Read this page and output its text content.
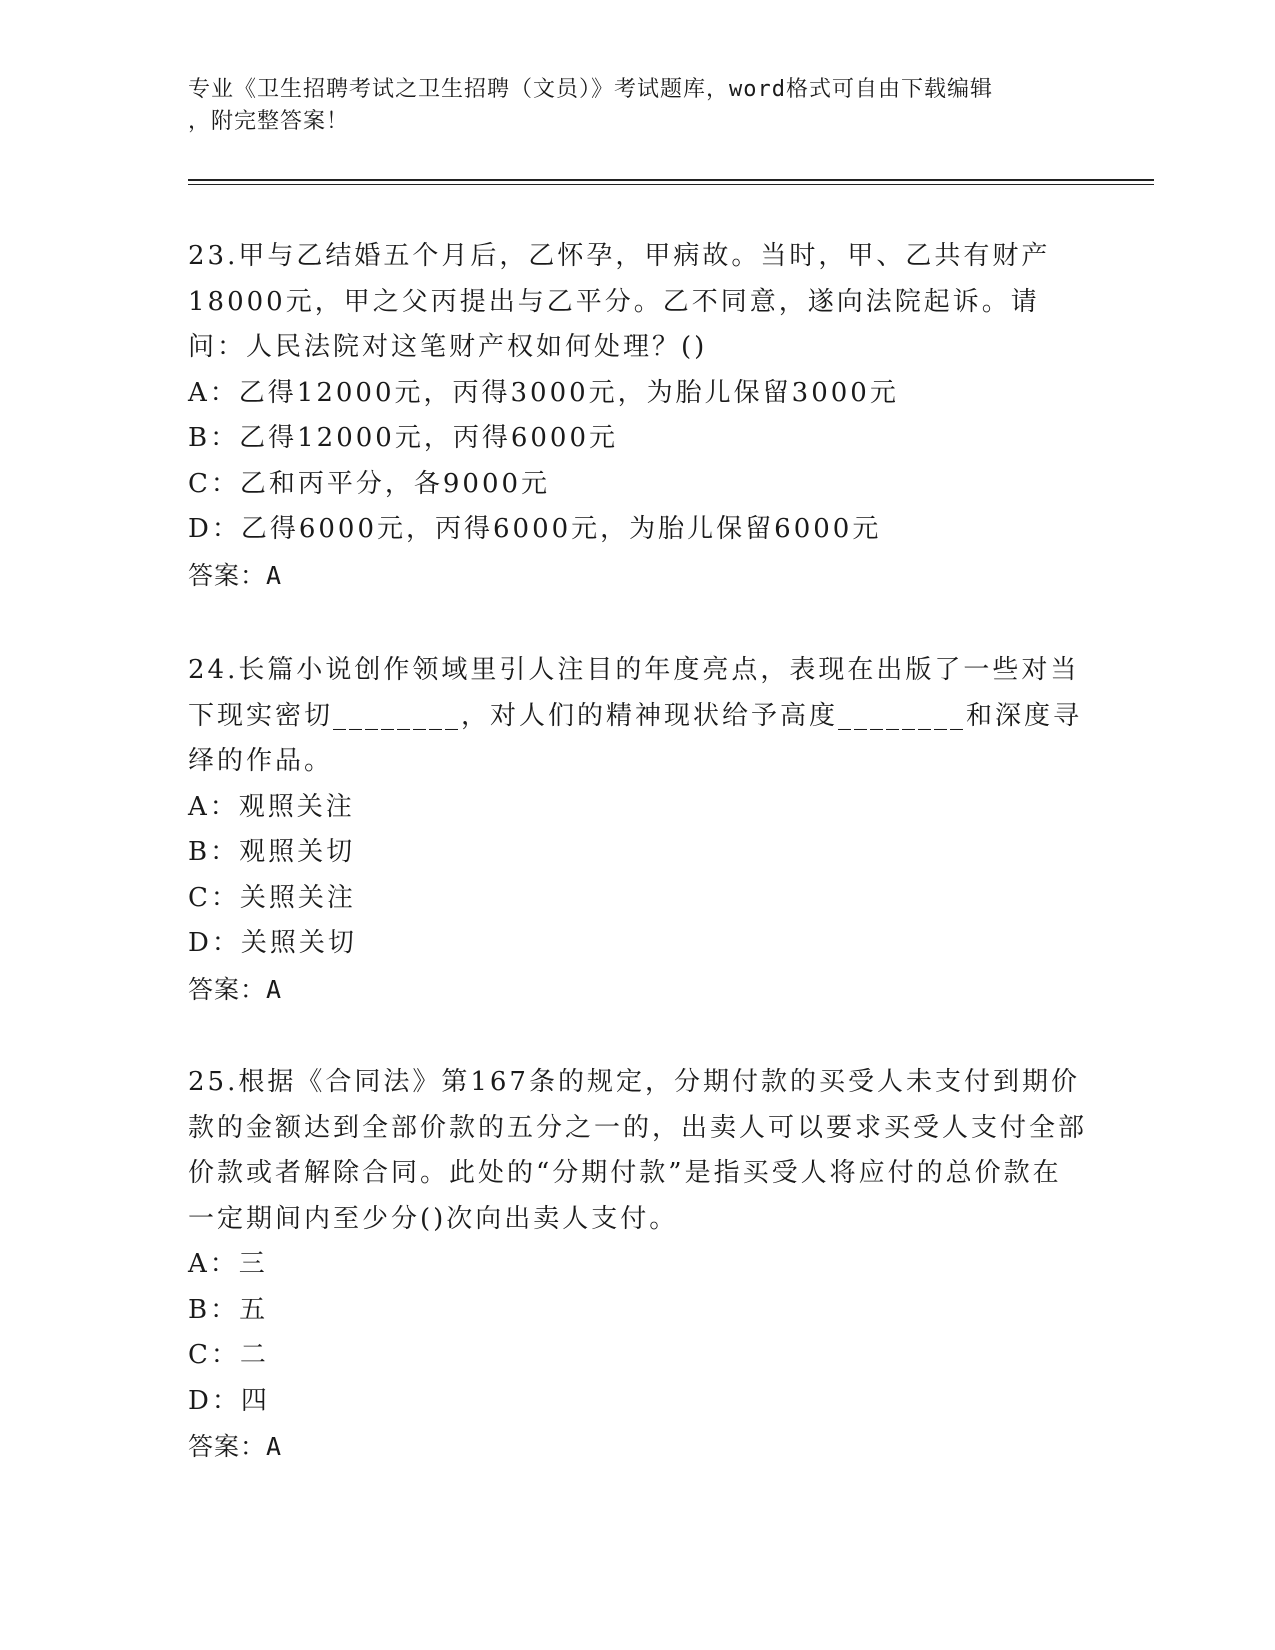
专业《卫生招聘考试之卫生招聘（文员）》考试题库，word格式可自由下载编辑
，附完整答案！

23.甲与乙结婚五个月后，乙怀孕，甲病故。当时，甲、乙共有财产18000元，甲之父丙提出与乙平分。乙不同意，遂向法院起诉。请问：人民法院对这笔财产权如何处理？()

A：乙得12000元，丙得3000元，为胎儿保留3000元

B：乙得12000元，丙得6000元

C：乙和丙平分，各9000元

D：乙得6000元，丙得6000元，为胎儿保留6000元

答案：A

24.长篇小说创作领域里引人注目的年度亮点，表现在出版了一些对当下现实密切________，对人们的精神现状给予高度________和深度寻绎的作品。

A：观照关注

B：观照关切

C：关照关注

D：关照关切

答案：A

25.根据《合同法》第167条的规定，分期付款的买受人未支付到期价款的金额达到全部价款的五分之一的，出卖人可以要求买受人支付全部价款或者解除合同。此处的“分期付款”是指买受人将应付的总价款在一定期间内至少分()次向出卖人支付。

A：三

B：五

C：二

D：四

答案：A
